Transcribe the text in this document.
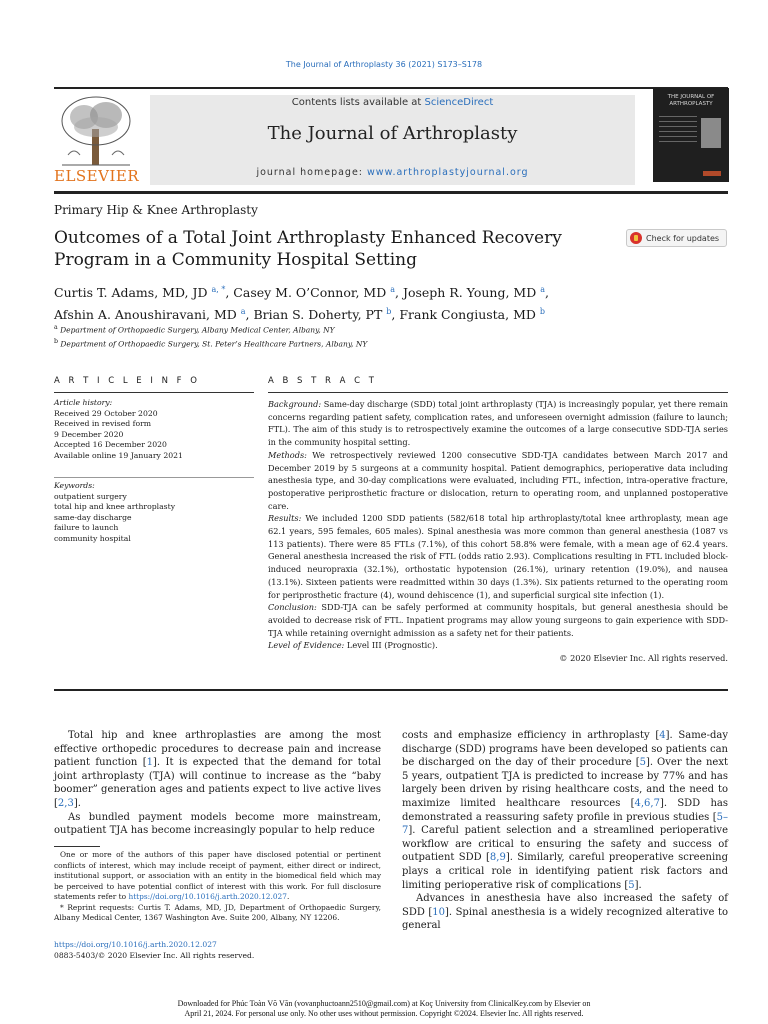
The Journal of Arthroplasty 36 (2021) S173–S178
ELSEVIER
Contents lists available at ScienceDirect
The Journal of Arthroplasty
journal homepage: www.arthroplastyjournal.org
THE JOURNAL OF ARTHROPLASTY
Primary Hip & Knee Arthroplasty
Outcomes of a Total Joint Arthroplasty Enhanced Recovery Program in a Community Hospital Setting
Check for updates
Curtis T. Adams, MD, JD $^{a, *}$, Casey M. O’Connor, MD $^a$, Joseph R. Young, MD $^a$,
Afshin A. Anoushiravani, MD $^a$, Brian S. Doherty, PT $^b$, Frank Congiusta, MD $^b$
$^a$ Department of Orthopaedic Surgery, Albany Medical Center, Albany, NY
$^b$ Department of Orthopaedic Surgery, St. Peter’s Healthcare Partners, Albany, NY
A R T I C L E I N F O	A B S T R A C T
Article history:
Received 29 October 2020
Received in revised form
9 December 2020
Accepted 16 December 2020
Available online 19 January 2021
Keywords:
outpatient surgery
total hip and knee arthroplasty
same-day discharge
failure to launch
community hospital

Background: Same-day discharge (SDD) total joint arthroplasty (TJA) is increasingly popular, yet there remain concerns regarding patient safety, complication rates, and unforeseen overnight admission (failure to launch; FTL). The aim of this study is to retrospectively examine the outcomes of a large consecutive SDD-TJA series in the community hospital setting.

Methods: We retrospectively reviewed 1200 consecutive SDD-TJA candidates between March 2017 and December 2019 by 5 surgeons at a community hospital. Patient demographics, perioperative data including anesthesia type, and 30-day complications were evaluated, including FTL, infection, intra-operative fracture, postoperative periprosthetic fracture or dislocation, return to operating room, and unplanned postoperative care.

Results: We included 1200 SDD patients (582/618 total hip arthroplasty/total knee arthroplasty, mean age 62.1 years, 595 females, 605 males). Spinal anesthesia was more common than general anesthesia (1087 vs 113 patients). There were 85 FTLs (7.1%), of this cohort 58.8% were female, with a mean age of 62.4 years. General anesthesia increased the risk of FTL (odds ratio 2.93). Complications resulting in FTL included block-induced neuropraxia (32.1%), orthostatic hypotension (26.1%), urinary retention (19.0%), and nausea (13.1%). Sixteen patients were readmitted within 30 days (1.3%). Six patients returned to the operating room for periprosthetic fracture (4), wound dehiscence (1), and superficial surgical site infection (1).

Conclusion: SDD-TJA can be safely performed at community hospitals, but general anesthesia should be avoided to decrease risk of FTL. Inpatient programs may allow young surgeons to gain experience with SDD-TJA while retaining overnight admission as a safety net for their patients.

Level of Evidence: Level III (Prognostic).

© 2020 Elsevier Inc. All rights reserved.

Total hip and knee arthroplasties are among the most effective orthopedic procedures to decrease pain and increase patient function [1]. It is expected that the demand for total joint arthroplasty (TJA) will continue to increase as the “baby boomer” generation ages and patients expect to live active lives [2,3].

As bundled payment models become more mainstream, outpatient TJA has become increasingly popular to help reduce

costs and emphasize efficiency in arthroplasty [4]. Same-day discharge (SDD) programs have been developed so patients can be discharged on the day of their procedure [5]. Over the next 5 years, outpatient TJA is predicted to increase by 77% and has largely been driven by rising healthcare costs, and the need to maximize limited healthcare resources [4,6,7]. SDD has demonstrated a reassuring safety profile in previous studies [5–7]. Careful patient selection and a streamlined perioperative workflow are critical to ensuring the safety and success of outpatient SDD [8,9]. Similarly, careful preoperative screening plays a critical role in identifying patient risk factors and limiting perioperative risk of complications [5].

Advances in anesthesia have also increased the safety of SDD [10]. Spinal anesthesia is a widely recognized alterative to general

One or more of the authors of this paper have disclosed potential or pertinent conflicts of interest, which may include receipt of payment, either direct or indirect, institutional support, or association with an entity in the biomedical field which may be perceived to have potential conflict of interest with this work. For full disclosure statements refer to https://doi.org/10.1016/j.arth.2020.12.027.

* Reprint requests: Curtis T. Adams, MD, JD, Department of Orthopaedic Surgery, Albany Medical Center, 1367 Washington Ave. Suite 200, Albany, NY 12206.

https://doi.org/10.1016/j.arth.2020.12.027
0883-5403/© 2020 Elsevier Inc. All rights reserved.
Downloaded for Phúc Toàn Võ Văn (vovanphuctoann2510@gmail.com) at Koç University from ClinicalKey.com by Elsevier on
April 21, 2024. For personal use only. No other uses without permission. Copyright ©2024. Elsevier Inc. All rights reserved.
